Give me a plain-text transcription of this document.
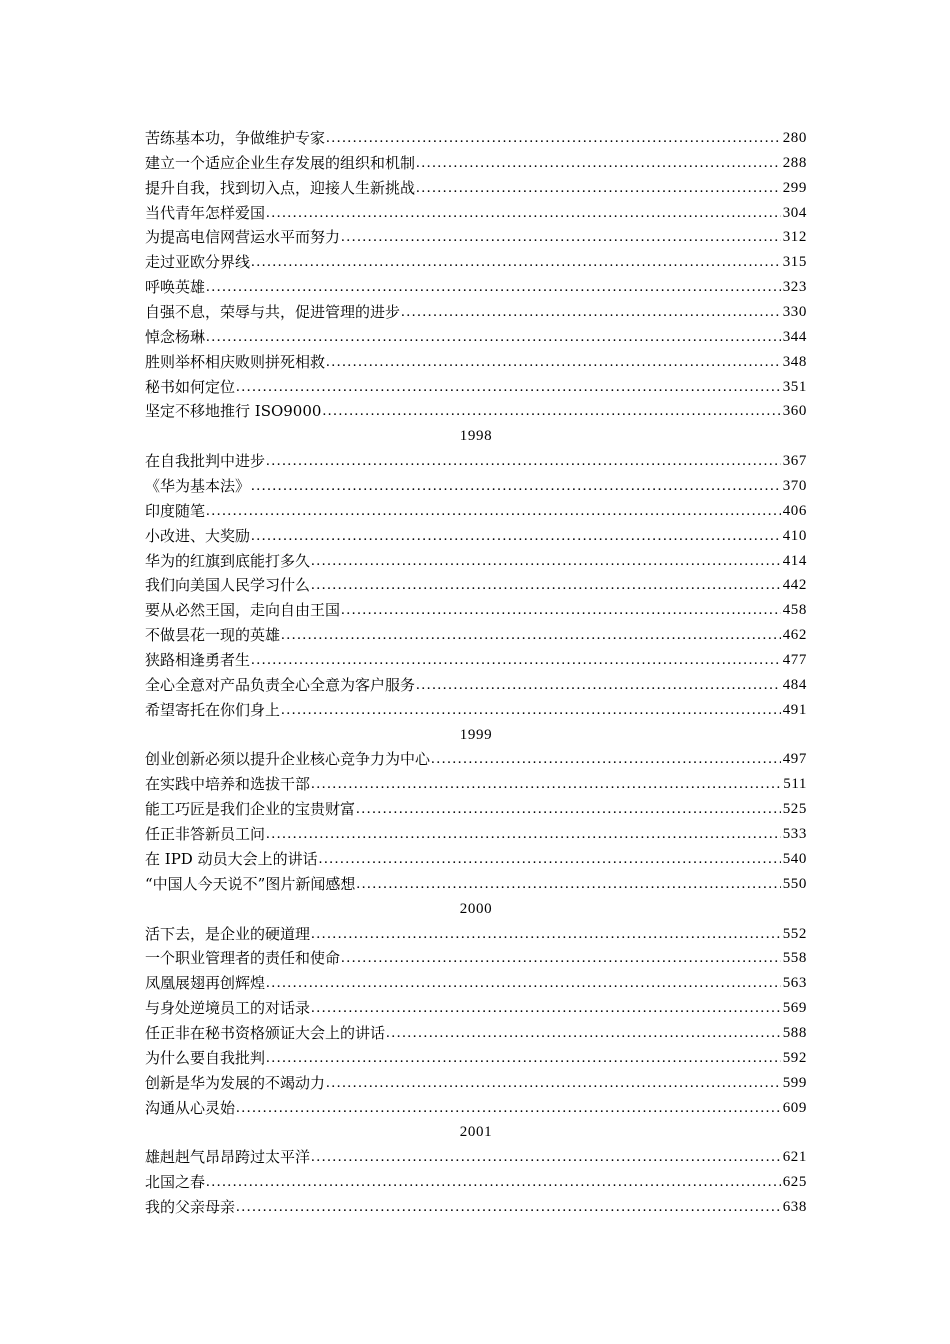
苦练基本功，争做维护专家 .....	280
建立一个适应企业生存发展的组织和机制 .....	288
提升自我，找到切入点，迎接人生新挑战 .....	299
当代青年怎样爱国 .....	304
为提高电信网营运水平而努力 .....	312
走过亚欧分界线 .....	315
呼唤英雄 .....	323
自强不息，荣辱与共，促进管理的进步 .....	330
悼念杨琳 .....	344
胜则举杯相庆败则拼死相救 .....	348
秘书如何定位 .....	351
坚定不移地推行 ISO9000 .....	360
1998
在自我批判中进步 .....	367
《华为基本法》 .....	370
印度随笔 .....	406
小改进、大奖励 .....	410
华为的红旗到底能打多久 .....	414
我们向美国人民学习什么 .....	442
要从必然王国，走向自由王国 .....	458
不做昙花一现的英雄 .....	462
狭路相逢勇者生 .....	477
全心全意对产品负责全心全意为客户服务 .....	484
希望寄托在你们身上 .....	491
1999
创业创新必须以提升企业核心竞争力为中心 .....	497
在实践中培养和选拔干部 .....	511
能工巧匠是我们企业的宝贵财富 .....	525
任正非答新员工问 .....	533
在 IPD 动员大会上的讲话 .....	540
“中国人今天说不”图片新闻感想 .....	550
2000
活下去，是企业的硬道理 .....	552
一个职业管理者的责任和使命 .....	558
凤凰展翅再创辉煌 .....	563
与身处逆境员工的对话录 .....	569
任正非在秘书资格颁证大会上的讲话 .....	588
为什么要自我批判 .....	592
创新是华为发展的不竭动力 .....	599
沟通从心灵始 .....	609
2001
雄赳赳气昂昂跨过太平洋 .....	621
北国之春 .....	625
我的父亲母亲 .....	638
